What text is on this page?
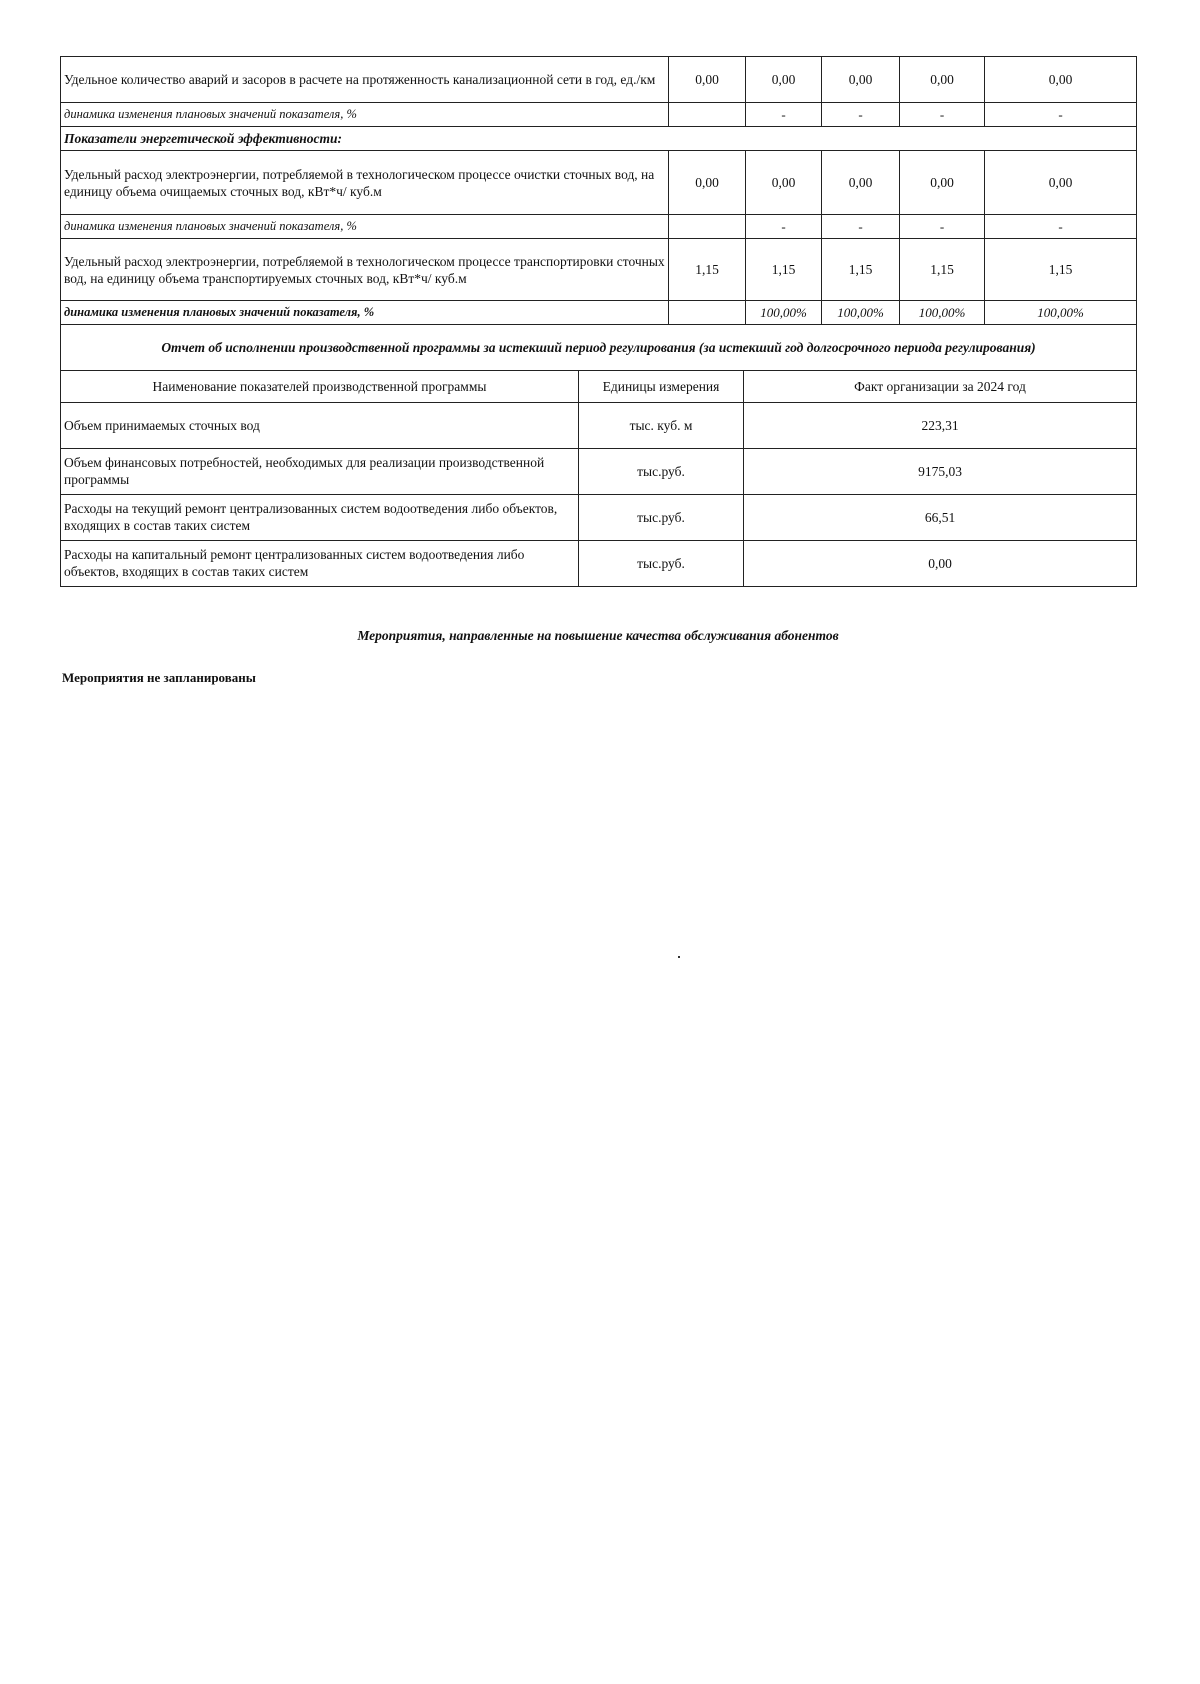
Удельное количество аварий и засоров в расчете на протяженность канализационной сети в год, ед./км	0,00	0,00	0,00	0,00	0,00
динамика изменения плановых значений показателя, %		-	-	-	-
Показатели энергетической эффективности:					
Удельный расход электроэнергии, потребляемой в технологическом процессе очистки сточных вод, на единицу объема очищаемых сточных вод, кВт*ч/ куб.м	0,00	0,00	0,00	0,00	0,00
динамика изменения плановых значений показателя, %		-	-	-	-
Удельный расход электроэнергии, потребляемой в технологическом процессе транспортировки сточных вод, на единицу объема транспортируемых сточных вод, кВт*ч/ куб.м	1,15	1,15	1,15	1,15	1,15
динамика изменения плановых значений показателя, %		100,00%	100,00%	100,00%	100,00%
Отчет об исполнении производственной программы за истекший период регулирования (за истекший год долгосрочного периода регулирования)		
Наименование показателей производственной программы	Единицы измерения	Факт организации за 2024 год
Объем принимаемых сточных вод	тыс. куб. м	223,31
Объем финансовых потребностей, необходимых для реализации производственной программы	тыс.руб.	9175,03
Расходы на текущий ремонт централизованных систем водоотведения либо объектов, входящих в состав таких систем	тыс.руб.	66,51
Расходы на капитальный ремонт централизованных систем водоотведения либо объектов, входящих в состав таких систем	тыс.руб.	0,00
Мероприятия, направленные на повышение качества обслуживания абонентов
Мероприятия не запланированы
